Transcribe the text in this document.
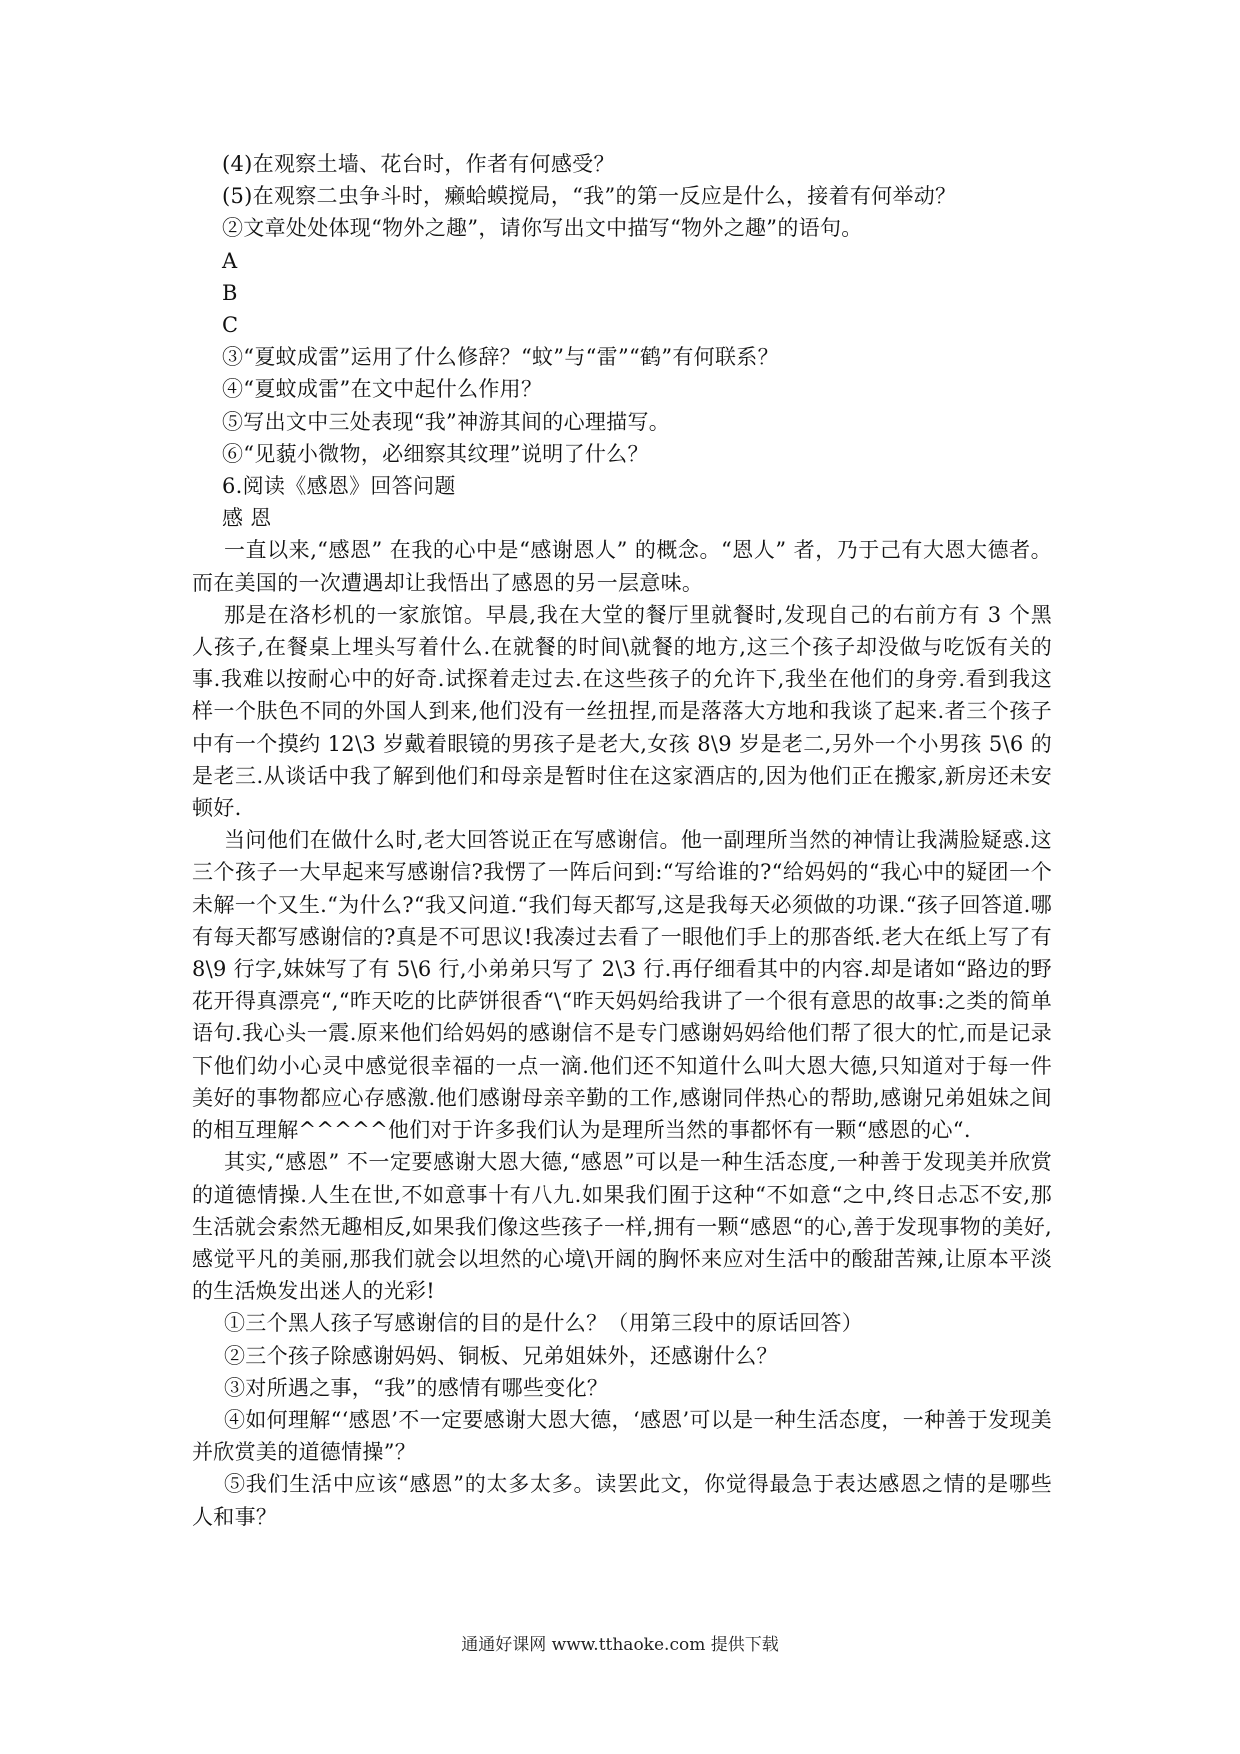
(4)在观察土墙、花台时，作者有何感受？
(5)在观察二虫争斗时，癞蛤蟆搅局，“我”的第一反应是什么，接着有何举动？
②文章处处体现“物外之趣”，请你写出文中描写“物外之趣”的语句。
A
B
C
③“夏蚊成雷”运用了什么修辞？“蚊”与“雷”“鹤”有何联系？
④“夏蚊成雷”在文中起什么作用？
⑤写出文中三处表现“我”神游其间的心理描写。
⑥“见藐小微物，必细察其纹理”说明了什么？
6.阅读《感恩》回答问题
感 恩

一直以来,“感恩” 在我的心中是“感谢恩人” 的概念。“恩人” 者，乃于己有大恩大德者。而在美国的一次遭遇却让我悟出了感恩的另一层意味。

那是在洛杉机的一家旅馆。早晨,我在大堂的餐厅里就餐时,发现自己的右前方有 3 个黑人孩子,在餐桌上埋头写着什么.在就餐的时间\就餐的地方,这三个孩子却没做与吃饭有关的事.我难以按耐心中的好奇.试探着走过去.在这些孩子的允许下,我坐在他们的身旁.看到我这样一个肤色不同的外国人到来,他们没有一丝扭捏,而是落落大方地和我谈了起来.者三个孩子中有一个摸约 12\3 岁戴着眼镜的男孩子是老大,女孩 8\9 岁是老二,另外一个小男孩 5\6 的是老三.从谈话中我了解到他们和母亲是暂时住在这家酒店的,因为他们正在搬家,新房还未安顿好.

当问他们在做什么时,老大回答说正在写感谢信。他一副理所当然的神情让我满脸疑惑.这三个孩子一大早起来写感谢信?我愣了一阵后问到:“写给谁的?“给妈妈的“我心中的疑团一个未解一个又生.“为什么?“我又问道.“我们每天都写,这是我每天必须做的功课.“孩子回答道.哪有每天都写感谢信的?真是不可思议!我凑过去看了一眼他们手上的那沓纸.老大在纸上写了有 8\9 行字,妹妹写了有 5\6 行,小弟弟只写了 2\3 行.再仔细看其中的内容.却是诸如“路边的野花开得真漂亮“,“昨天吃的比萨饼很香“\“昨天妈妈给我讲了一个很有意思的故事:之类的简单语句.我心头一震.原来他们给妈妈的感谢信不是专门感谢妈妈给他们帮了很大的忙,而是记录下他们幼小心灵中感觉很幸福的一点一滴.他们还不知道什么叫大恩大德,只知道对于每一件美好的事物都应心存感激.他们感谢母亲辛勤的工作,感谢同伴热心的帮助,感谢兄弟姐妹之间的相互理解^^^^^他们对于许多我们认为是理所当然的事都怀有一颗“感恩的心“.

其实,“感恩” 不一定要感谢大恩大德,“感恩”可以是一种生活态度,一种善于发现美并欣赏的道德情操.人生在世,不如意事十有八九.如果我们囿于这种“不如意“之中,终日忐忑不安,那生活就会索然无趣相反,如果我们像这些孩子一样,拥有一颗“感恩“的心,善于发现事物的美好,感觉平凡的美丽,那我们就会以坦然的心境\开阔的胸怀来应对生活中的酸甜苦辣,让原本平淡的生活焕发出迷人的光彩!

①三个黑人孩子写感谢信的目的是什么？（用第三段中的原话回答）

②三个孩子除感谢妈妈、铜板、兄弟姐妹外，还感谢什么？

③对所遇之事，“我”的感情有哪些变化？

④如何理解“‘感恩’不一定要感谢大恩大德，‘感恩’可以是一种生活态度，一种善于发现美并欣赏美的道德情操”？

⑤我们生活中应该“感恩”的太多太多。读罢此文，你觉得最急于表达感恩之情的是哪些人和事？

通通好课网 www.tthaoke.com 提供下载
